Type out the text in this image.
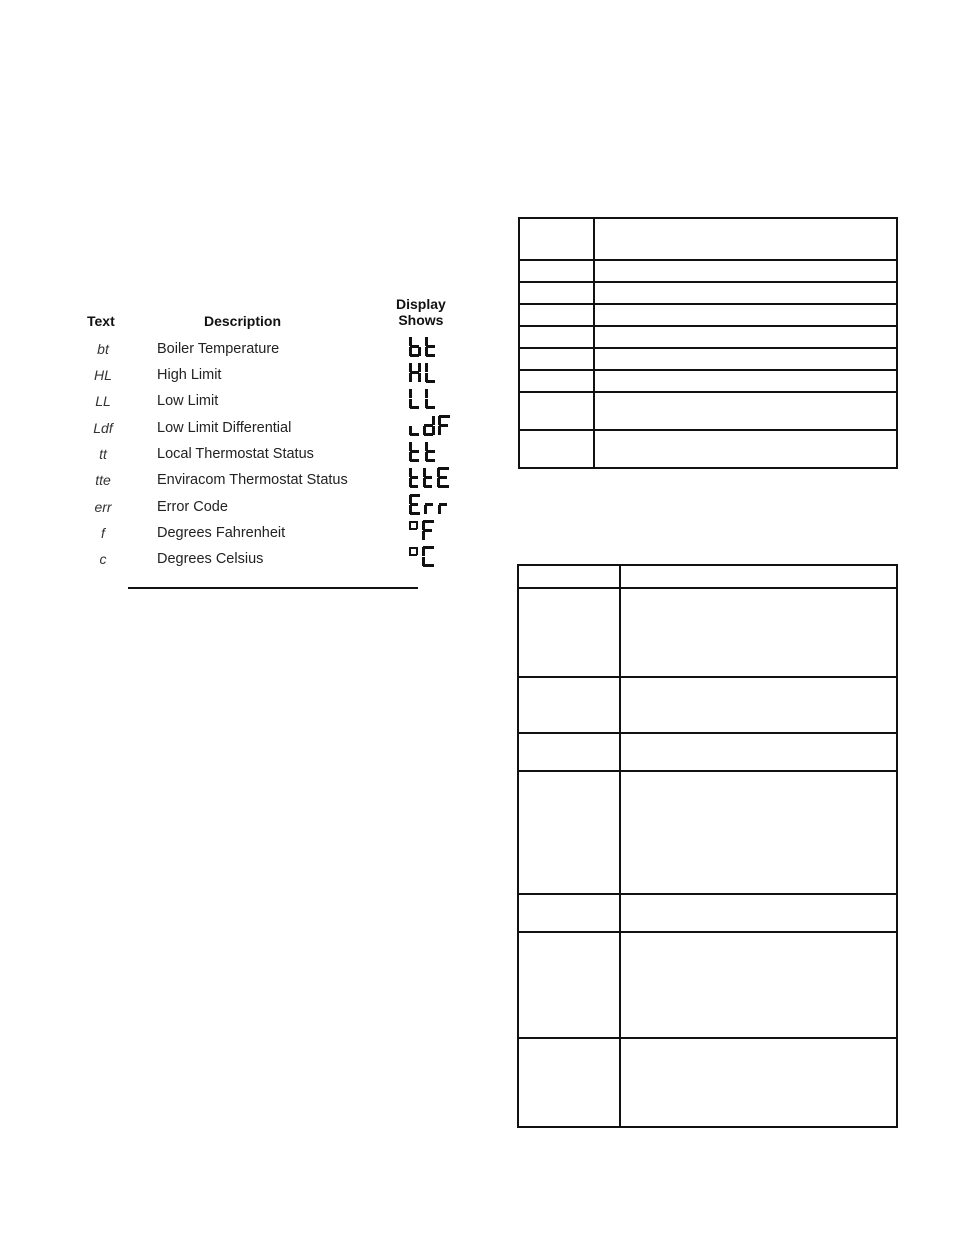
Text	Description
Display
Shows
bt	Boiler Temperature
HL	High Limit
LL	Low Limit
Ldf	Low Limit Differential
tt	Local Thermostat Status
tte	Enviracom Thermostat Status
err	Error Code
f	Degrees Fahrenheit
c	Degrees Celsius
